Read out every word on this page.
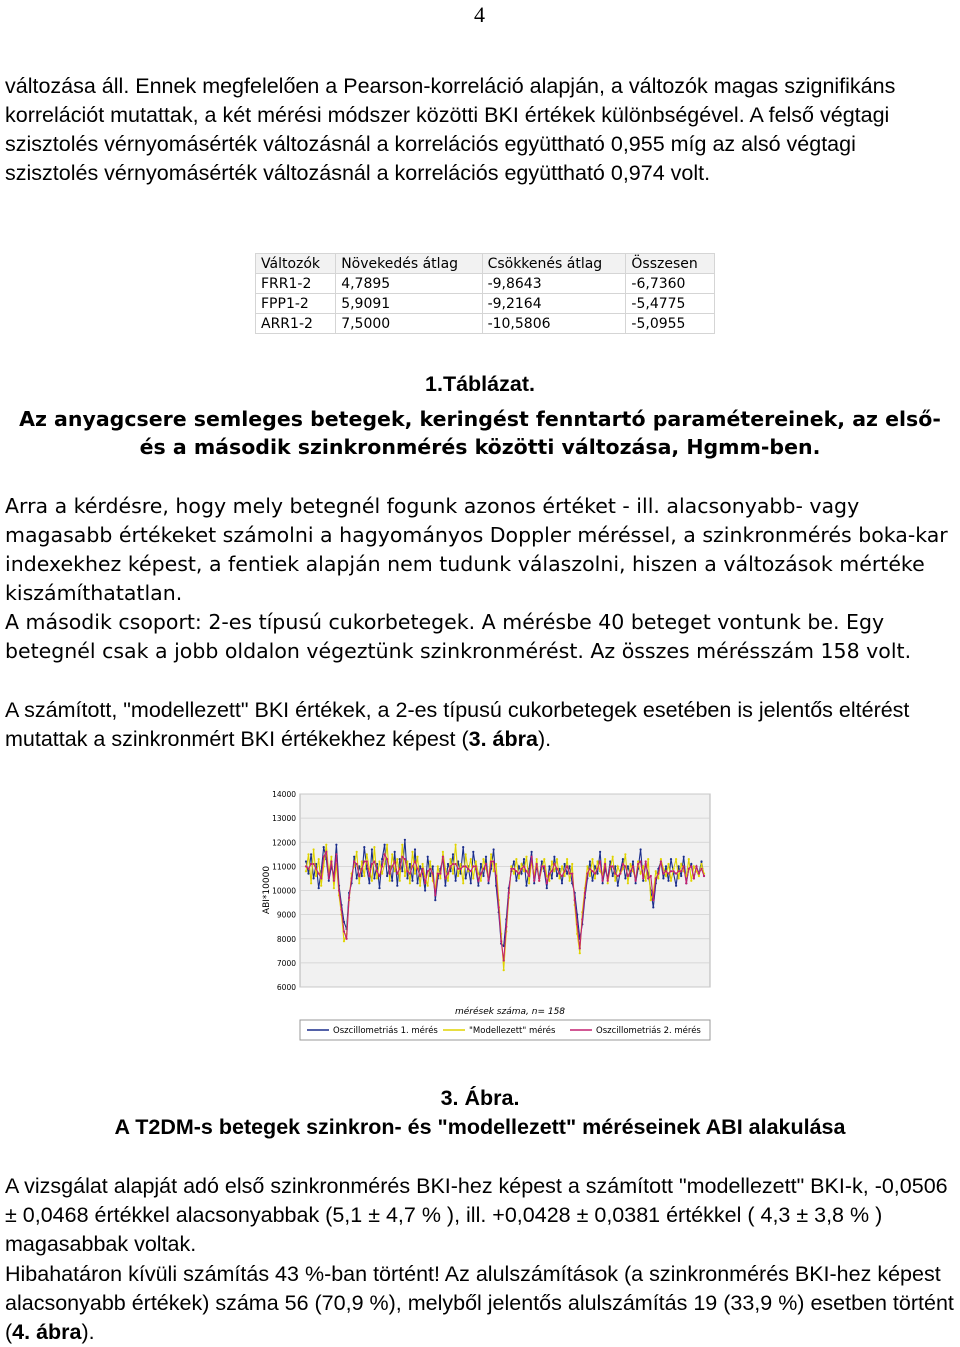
4

változása áll. Ennek megfelelően a Pearson‐korreláció alapján, a változók magas szignifikáns korrelációt mutattak, a két mérési módszer közötti BKI értékek különbségével. A felső végtagi szisztolés vérnyomásérték változásnál a korrelációs együttható 0,955 míg az alsó végtagi szisztolés vérnyomásérték változásnál a korrelációs együttható 0,974 volt.

Változók	Növekedés átlag	Csökkenés átlag	Összesen
FRR1-2	4,7895	-9,8643	-6,7360
FPP1-2	5,9091	-9,2164	-5,4775
ARR1-2	7,5000	-10,5806	-5,0955

1.Táblázat.

Az anyagcsere semleges betegek, keringést fenntartó paramétereinek, az első- és a második szinkronmérés közötti változása, Hgmm-ben.

Arra a kérdésre, hogy mely betegnél fogunk azonos értéket - ill. alacsonyabb- vagy magasabb értékeket számolni a hagyományos Doppler méréssel, a szinkronmérés boka-kar indexekhez képest, a fentiek alapján nem tudunk válaszolni, hiszen a változások mértéke kiszámíthatatlan.

A második csoport: 2-es típusú cukorbetegek. A mérésbe 40 beteget vontunk be. Egy betegnél csak a jobb oldalon végeztünk szinkronmérést. Az összes mérésszám 158 volt.

A számított, "modellezett" BKI értékek, a 2-es típusú cukorbetegek esetében is jelentős eltérést mutattak a szinkronmért BKI értékekhez képest (3. ábra).

6000
7000
8000
9000
10000
11000
12000
13000
14000
ABI*10000
mérések száma, n= 158
Oszcillometriás 1. mérés	"Modellezett" mérés	Oszcillometriás 2. mérés

3. Ábra.

A T2DM-s betegek szinkron- és "modellezett" méréseinek ABI alakulása

A vizsgálat alapját adó első szinkronmérés BKI-hez képest a számított "modellezett" BKI-k, -0,0506 ± 0,0468 értékkel alacsonyabbak (5,1 ± 4,7 % ), ill. +0,0428 ± 0,0381 értékkel ( 4,3 ± 3,8 % ) magasabbak voltak.

Hibahatáron kívüli számítás 43 %-ban történt! Az alulszámítások (a szinkronmérés BKI-hez képest alacsonyabb értékek) száma 56 (70,9 %), melyből jelentős alulszámítás 19 (33,9 %) esetben történt (4. ábra).
